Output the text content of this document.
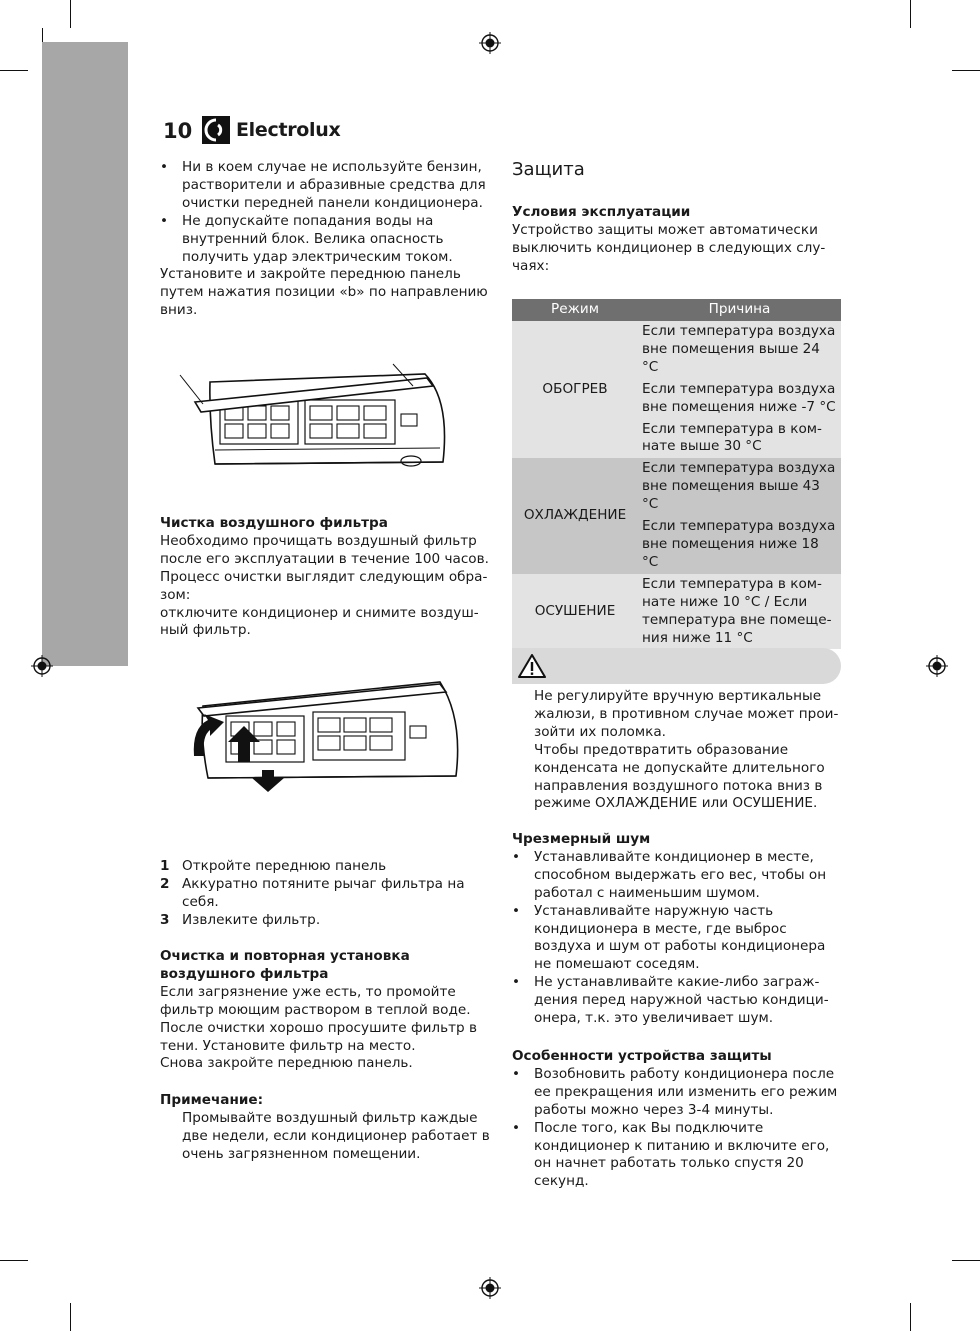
10 Electrolux
• Ни в коем случае не используйте бензин, растворители и абразивные средства для очистки передней панели кондиционера.
• Не допускайте попадания воды на внутренний блок. Велика опасность получить удар электрическим током.

Установите и закройте переднюю панель путем нажатия позиции «b» по направлению вниз.

Чистка воздушного фильтра

Необходимо прочищать воздушный фильтр после его эксплуатации в течение 100 часов. Процесс очистки выглядит следующим образом:

отключите кондиционер и снимите воздушный фильтр.

1 Откройте переднюю панель
2 Аккуратно потяните рычаг фильтра на себя.
3 Извлеките фильтр.

Очистка и повторная установка воздушного фильтра

Если загрязнение уже есть, то промойте фильтр моющим раствором в теплой воде. После очистки хорошо просушите фильтр в тени. Установите фильтр на место.

Снова закройте переднюю панель.

Примечание:

Промывайте воздушный фильтр каждые две недели, если кондиционер работает в очень загрязненном помещении.

Защита

Условия эксплуатации

Устройство защиты может автоматически выключить кондиционер в следующих случаях:

Режим	Причина
ОБОГРЕВ	Если температура воздуха вне помещения выше 24 °C
	Если температура воздуха вне помещения ниже -7 °C
	Если температура в комнате выше 30 °C
ОХЛАЖДЕНИЕ	Если температура воздуха вне помещения выше 43 °C
	Если температура воздуха вне помещения ниже 18 °C
ОСУШЕНИЕ	Если температура в комнате ниже 10 °C / Если температура вне помещения ниже 11 °C

Не регулируйте вручную вертикальные жалюзи, в противном случае может произойти их поломка.

Чтобы предотвратить образование конденсата не допускайте длительного направления воздушного потока вниз в режиме ОХЛАЖДЕНИЕ или ОСУШЕНИЕ.

Чрезмерный шум

• Устанавливайте кондиционер в месте, способном выдержать его вес, чтобы он работал с наименьшим шумом.
• Устанавливайте наружную часть кондиционера в месте, где выброс воздуха и шум от работы кондиционера не помешают соседям.
• Не устанавливайте какие-либо заграждения перед наружной частью кондиционера, т.к. это увеличивает шум.

Особенности устройства защиты

• Возобновить работу кондиционера после ее прекращения или изменить его режим работы можно через 3-4 минуты.
• После того, как Вы подключите кондиционер к питанию и включите его, он начнет работать только спустя 20 секунд.
